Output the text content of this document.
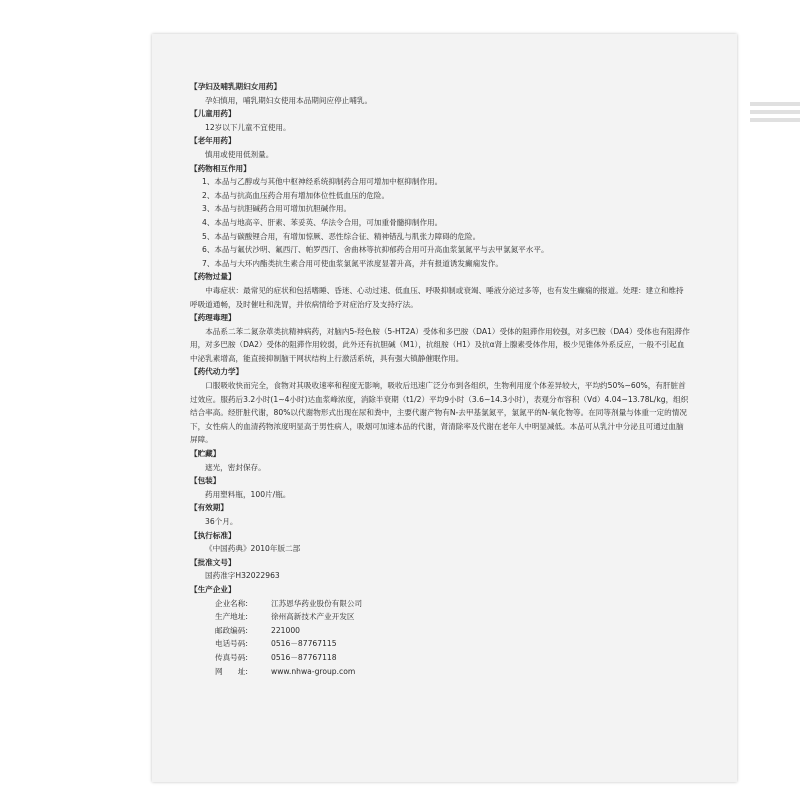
【孕妇及哺乳期妇女用药】
孕妇慎用，哺乳期妇女使用本品期间应停止哺乳。
【儿童用药】
12岁以下儿童不宜使用。
【老年用药】
慎用或使用低剂量。
【药物相互作用】
1、本品与乙醇或与其他中枢神经系统抑制药合用可增加中枢抑制作用。
2、本品与抗高血压药合用有增加体位性低血压的危险。
3、本品与抗胆碱药合用可增加抗胆碱作用。
4、本品与地高辛、肝素、苯妥英、华法令合用，可加重骨髓抑制作用。
5、本品与碳酸锂合用，有增加惊厥、恶性综合征、精神错乱与肌张力障碍的危险。
6、本品与氟伏沙明、氟西汀、帕罗西汀、舍曲林等抗抑郁药合用可升高血浆氯氮平与去甲氯氮平水平。
7、本品与大环内酯类抗生素合用可使血浆氯氮平浓度显著升高，并有报道诱发癫痫发作。
【药物过量】
中毒症状：最常见的症状和包括嗜睡、昏迷、心动过速、低血压、呼吸抑制或衰竭、唾液分泌过多等，也有发生癫痫的报道。处理：建立和维持呼吸道通畅，及时催吐和洗胃，并依病情给予对症治疗及支持疗法。
【药理毒理】
本品系二苯二氮杂䓬类抗精神病药，对脑内5-羟色胺（5-HT2A）受体和多巴胺（DA1）受体的阻滞作用较强，对多巴胺（DA4）受体也有阻滞作用，对多巴胺（DA2）受体的阻滞作用较弱，此外还有抗胆碱（M1），抗组胺（H1）及抗α肾上腺素受体作用，极少见锥体外系反应，一般不引起血中泌乳素增高，能直接抑制脑干网状结构上行激活系统，具有强大镇静催眠作用。
【药代动力学】
口服吸收快而完全，食物对其吸收速率和程度无影响，吸收后迅速广泛分布到各组织，生物利用度个体差异较大，平均约50%~60%，有肝脏首过效应。服药后3.2小时(1~4小时)达血浆峰浓度，消除半衰期（t1/2）平均9小时（3.6~14.3小时），表观分布容积（Vd）4.04~13.78L/kg，组织结合率高。经肝脏代谢，80%以代谢物形式出现在尿和粪中，主要代谢产物有N-去甲基氯氮平，氯氮平的N-氧化物等。在同等剂量与体重一定的情况下，女性病人的血清药物浓度明显高于男性病人，吸烟可加速本品的代谢，肾清除率及代谢在老年人中明显减低。本品可从乳汁中分泌且可通过血脑屏障。
【贮藏】
遮光，密封保存。
【包装】
药用塑料瓶，100片/瓶。
【有效期】
36个月。
【执行标准】
《中国药典》2010年版二部
【批准文号】
国药准字H32022963
【生产企业】
企业名称:	江苏恩华药业股份有限公司
生产地址:	徐州高新技术产业开发区
邮政编码:	221000
电话号码:	0516－87767115
传真号码:	0516－87767118
网　　址:	www.nhwa-group.com
